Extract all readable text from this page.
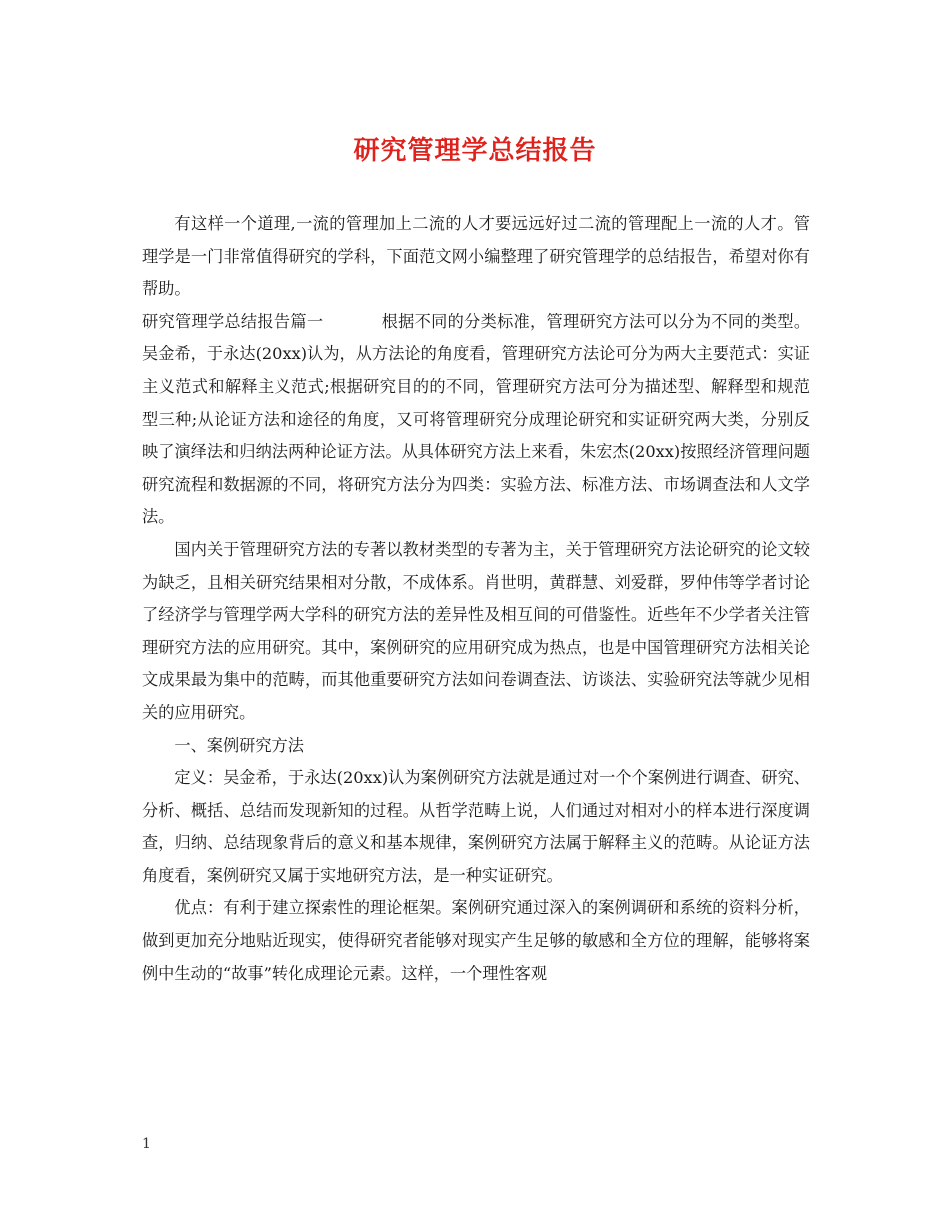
研究管理学总结报告

有这样一个道理,一流的管理加上二流的人才要远远好过二流的管理配上一流的人才。管理学是一门非常值得研究的学科，下面范文网小编整理了研究管理学的总结报告，希望对你有帮助。

研究管理学总结报告篇一	根据不同的分类标准，管理研究方法可以分为不同的类型。吴金希，于永达(20xx)认为，从方法论的角度看，管理研究方法论可分为两大主要范式：实证主义范式和解释主义范式;根据研究目的的不同，管理研究方法可分为描述型、解释型和规范型三种;从论证方法和途径的角度，又可将管理研究分成理论研究和实证研究两大类，分别反映了演绎法和归纳法两种论证方法。从具体研究方法上来看，朱宏杰(20xx)按照经济管理问题研究流程和数据源的不同，将研究方法分为四类：实验方法、标准方法、市场调查法和人文学法。

国内关于管理研究方法的专著以教材类型的专著为主，关于管理研究方法论研究的论文较为缺乏，且相关研究结果相对分散，不成体系。肖世明，黄群慧、刘爱群，罗仲伟等学者讨论了经济学与管理学两大学科的研究方法的差异性及相互间的可借鉴性。近些年不少学者关注管理研究方法的应用研究。其中，案例研究的应用研究成为热点，也是中国管理研究方法相关论文成果最为集中的范畴，而其他重要研究方法如问卷调查法、访谈法、实验研究法等就少见相关的应用研究。

一、案例研究方法

定义：吴金希，于永达(20xx)认为案例研究方法就是通过对一个个案例进行调查、研究、分析、概括、总结而发现新知的过程。从哲学范畴上说，人们通过对相对小的样本进行深度调查，归纳、总结现象背后的意义和基本规律，案例研究方法属于解释主义的范畴。从论证方法角度看，案例研究又属于实地研究方法，是一种实证研究。

优点：有利于建立探索性的理论框架。案例研究通过深入的案例调研和系统的资料分析，做到更加充分地贴近现实，使得研究者能够对现实产生足够的敏感和全方位的理解，能够将案例中生动的“故事”转化成理论元素。这样，一个理性客观

1
